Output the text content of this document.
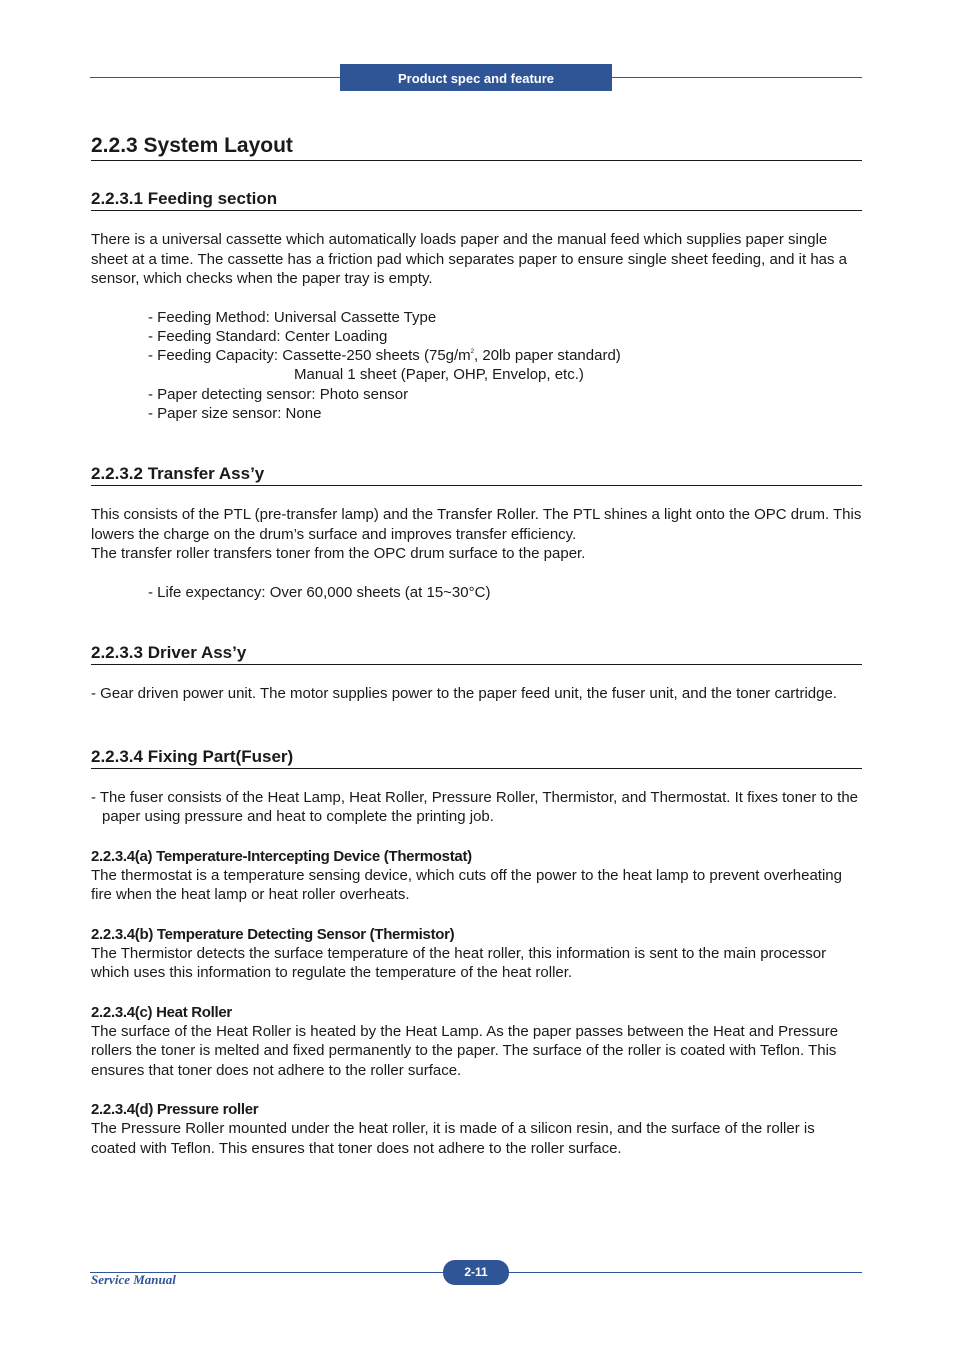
Product spec and feature
2.2.3 System Layout
2.2.3.1 Feeding section

There is a universal cassette which automatically loads paper and the manual feed which supplies paper single sheet at a time. The cassette has a friction pad which separates paper to ensure single sheet feeding, and it has a sensor, which checks when the paper tray is empty.

- Feeding Method: Universal Cassette Type
- Feeding Standard: Center Loading
- Feeding Capacity: Cassette-250 sheets ($75g/m^2$, 20lb paper standard)
Manual 1 sheet (Paper, OHP, Envelop, etc.)
- Paper detecting sensor: Photo sensor
- Paper size sensor: None
2.2.3.2 Transfer Ass’y

This consists of the PTL (pre-transfer lamp) and the Transfer Roller. The PTL shines a light onto the OPC drum. This lowers the charge on the drum’s surface and improves transfer efficiency.

The transfer roller transfers toner from the OPC drum surface to the paper.

- Life expectancy: Over 60,000 sheets (at 15~30°C)
2.2.3.3 Driver Ass’y

- Gear driven power unit. The motor supplies power to the paper feed unit, the fuser unit, and the toner cartridge.

2.2.3.4 Fixing Part(Fuser)

- The fuser consists of the Heat Lamp, Heat Roller, Pressure Roller, Thermistor, and Thermostat. It fixes toner to the paper using pressure and heat to complete the printing job.

2.2.3.4(a) Temperature-Intercepting Device (Thermostat)

The thermostat is a temperature sensing device, which cuts off the power to the heat lamp to prevent overheating fire when the heat lamp or heat roller overheats.

2.2.3.4(b) Temperature Detecting Sensor (Thermistor)

The Thermistor detects the surface temperature of the heat roller, this information is sent to the main processor which uses this information to regulate the temperature of the heat roller.

2.2.3.4(c) Heat Roller

The surface of the Heat Roller is heated by the Heat Lamp. As the paper passes between the Heat and Pressure rollers the toner is melted and fixed permanently to the paper. The surface of the roller is coated with Teflon. This ensures that toner does not adhere to the roller surface.

2.2.3.4(d) Pressure roller

The Pressure Roller mounted under the heat roller, it is made of a silicon resin, and the surface of the roller is coated with Teflon. This ensures that toner does not adhere to the roller surface.

Service Manual	2-11
